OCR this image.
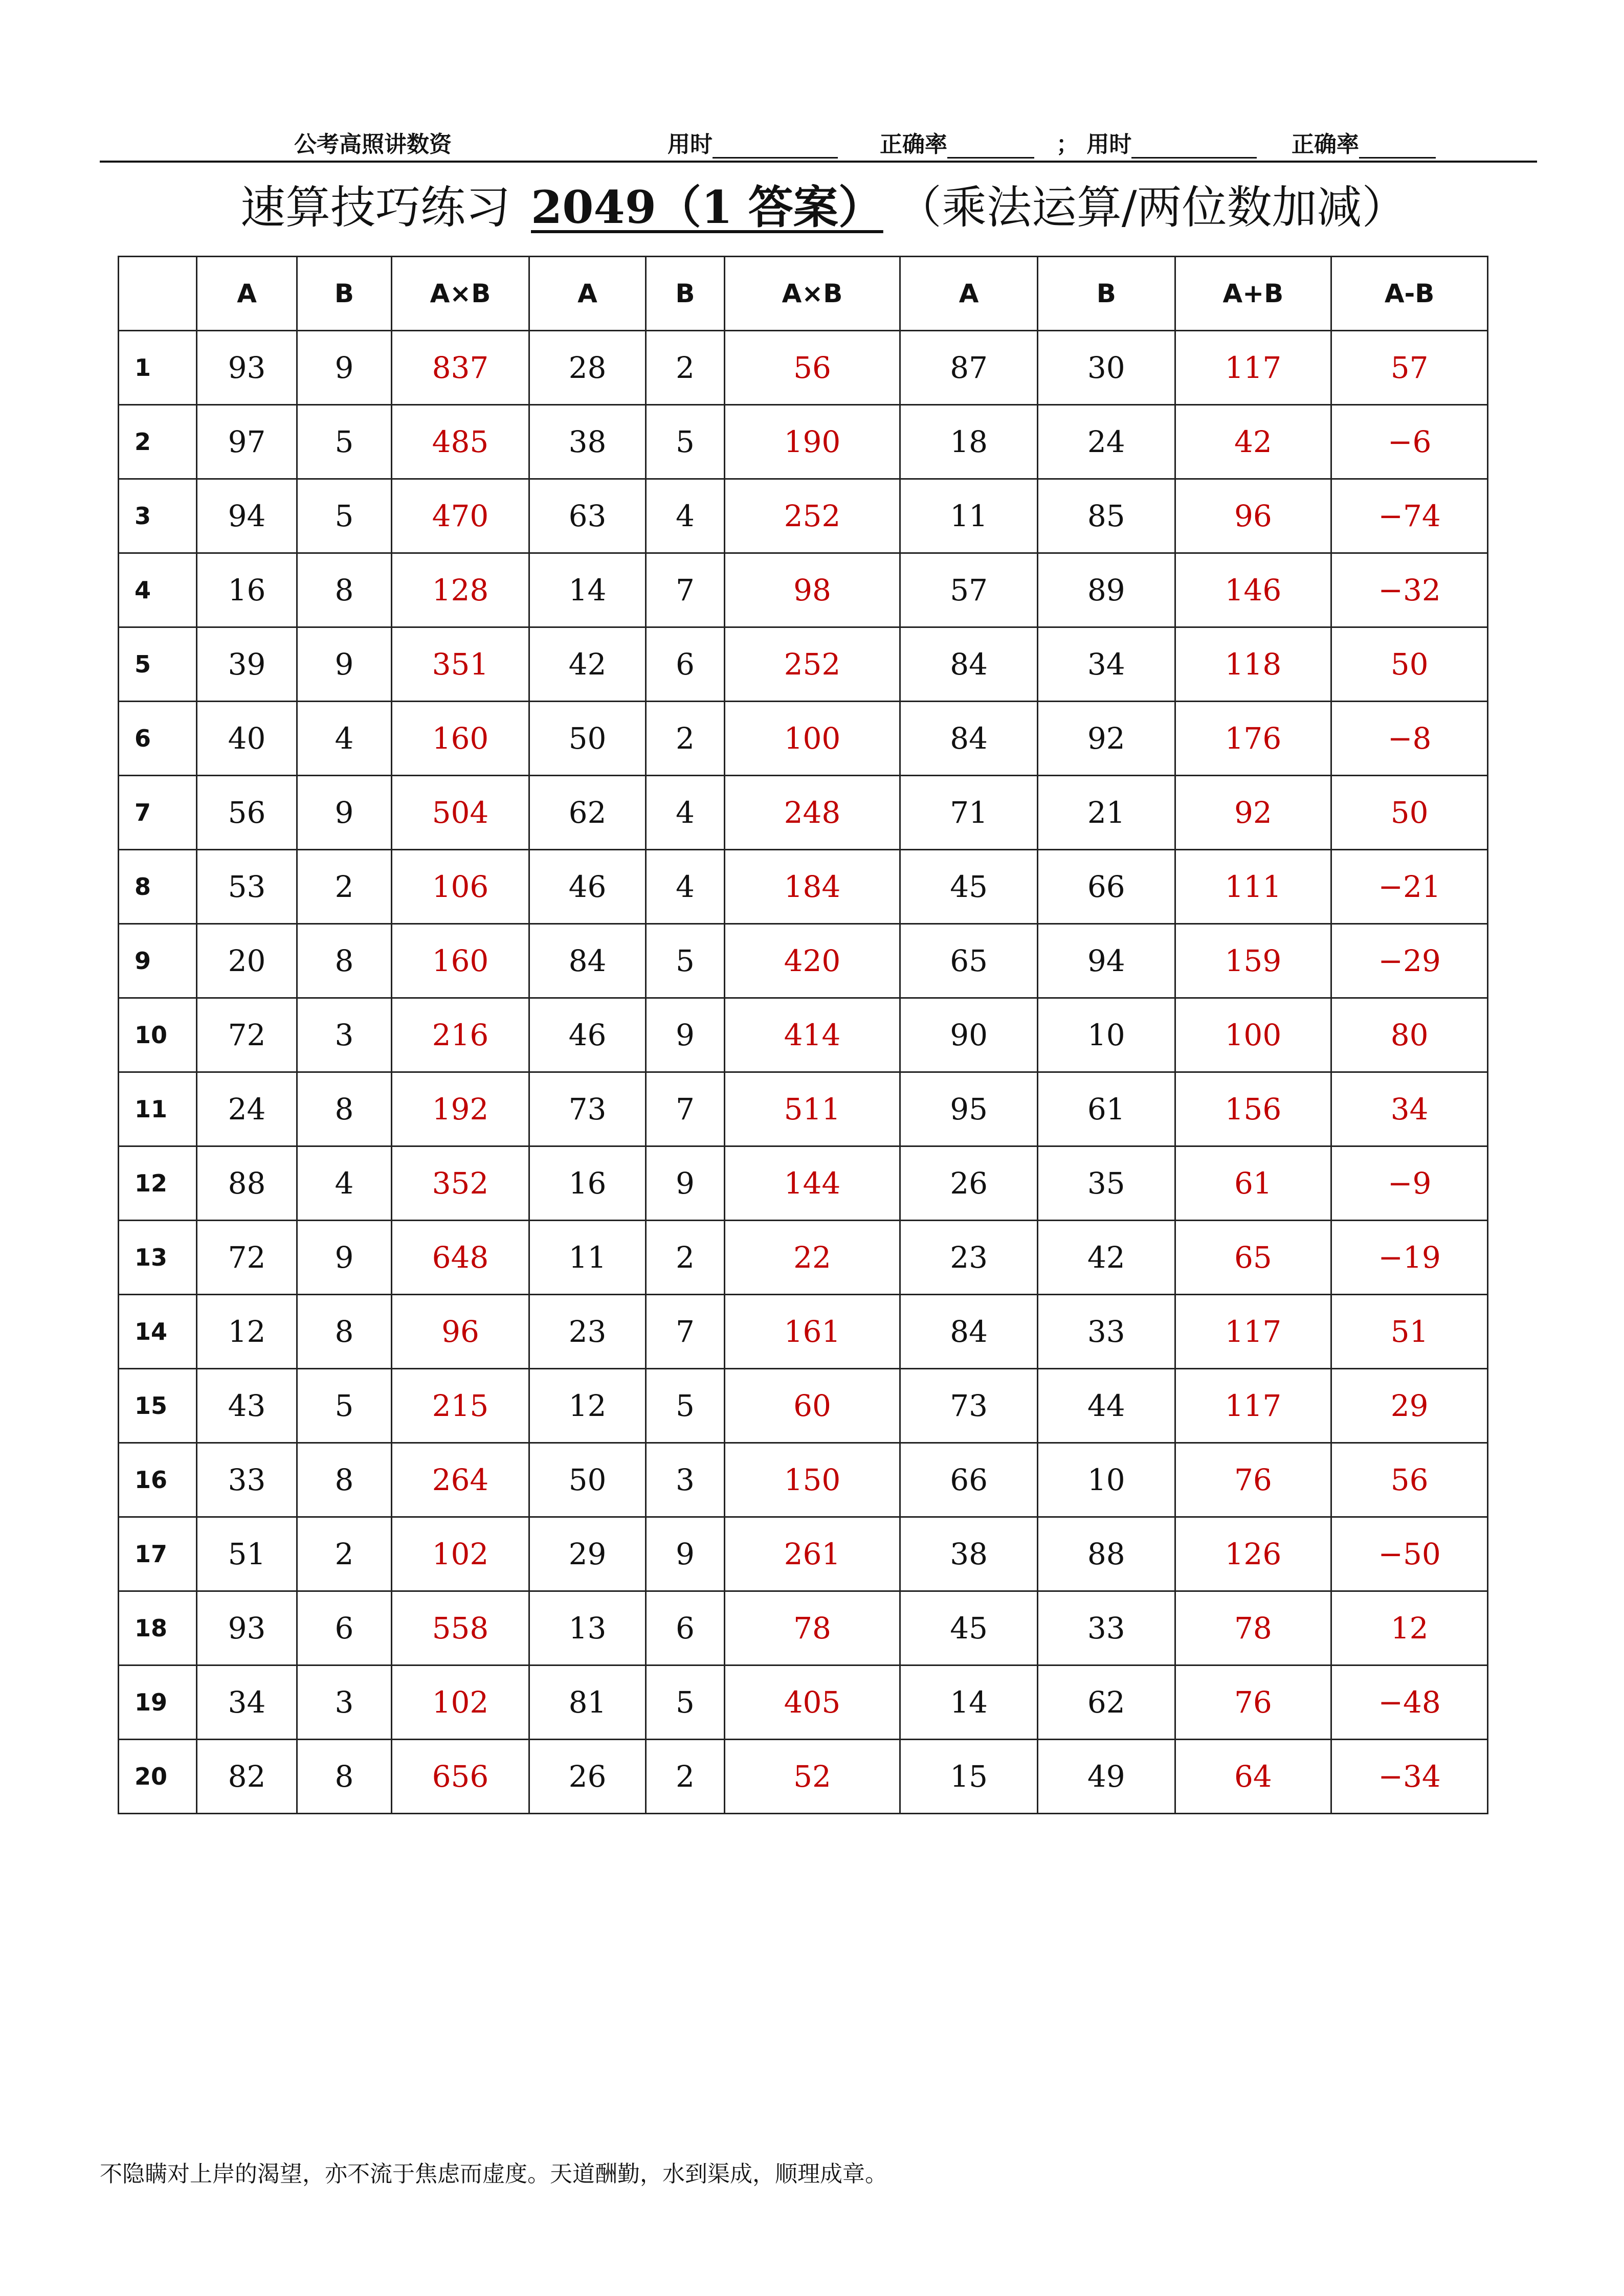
公考高照讲数资	用时	正确率	； 用时	正确率
速算技巧练习 2049（1 答案） （乘法运算/两位数加减）
	A	B	A×B	A	B	A×B	A	B	A+B	A-B
1	93	9	837	28	2	56	87	30	117	57
2	97	5	485	38	5	190	18	24	42	−6
3	94	5	470	63	4	252	11	85	96	−74
4	16	8	128	14	7	98	57	89	146	−32
5	39	9	351	42	6	252	84	34	118	50
6	40	4	160	50	2	100	84	92	176	−8
7	56	9	504	62	4	248	71	21	92	50
8	53	2	106	46	4	184	45	66	111	−21
9	20	8	160	84	5	420	65	94	159	−29
10	72	3	216	46	9	414	90	10	100	80
11	24	8	192	73	7	511	95	61	156	34
12	88	4	352	16	9	144	26	35	61	−9
13	72	9	648	11	2	22	23	42	65	−19
14	12	8	96	23	7	161	84	33	117	51
15	43	5	215	12	5	60	73	44	117	29
16	33	8	264	50	3	150	66	10	76	56
17	51	2	102	29	9	261	38	88	126	−50
18	93	6	558	13	6	78	45	33	78	12
19	34	3	102	81	5	405	14	62	76	−48
20	82	8	656	26	2	52	15	49	64	−34
不隐瞒对上岸的渴望，亦不流于焦虑而虚度。天道酬勤，水到渠成，顺理成章。
